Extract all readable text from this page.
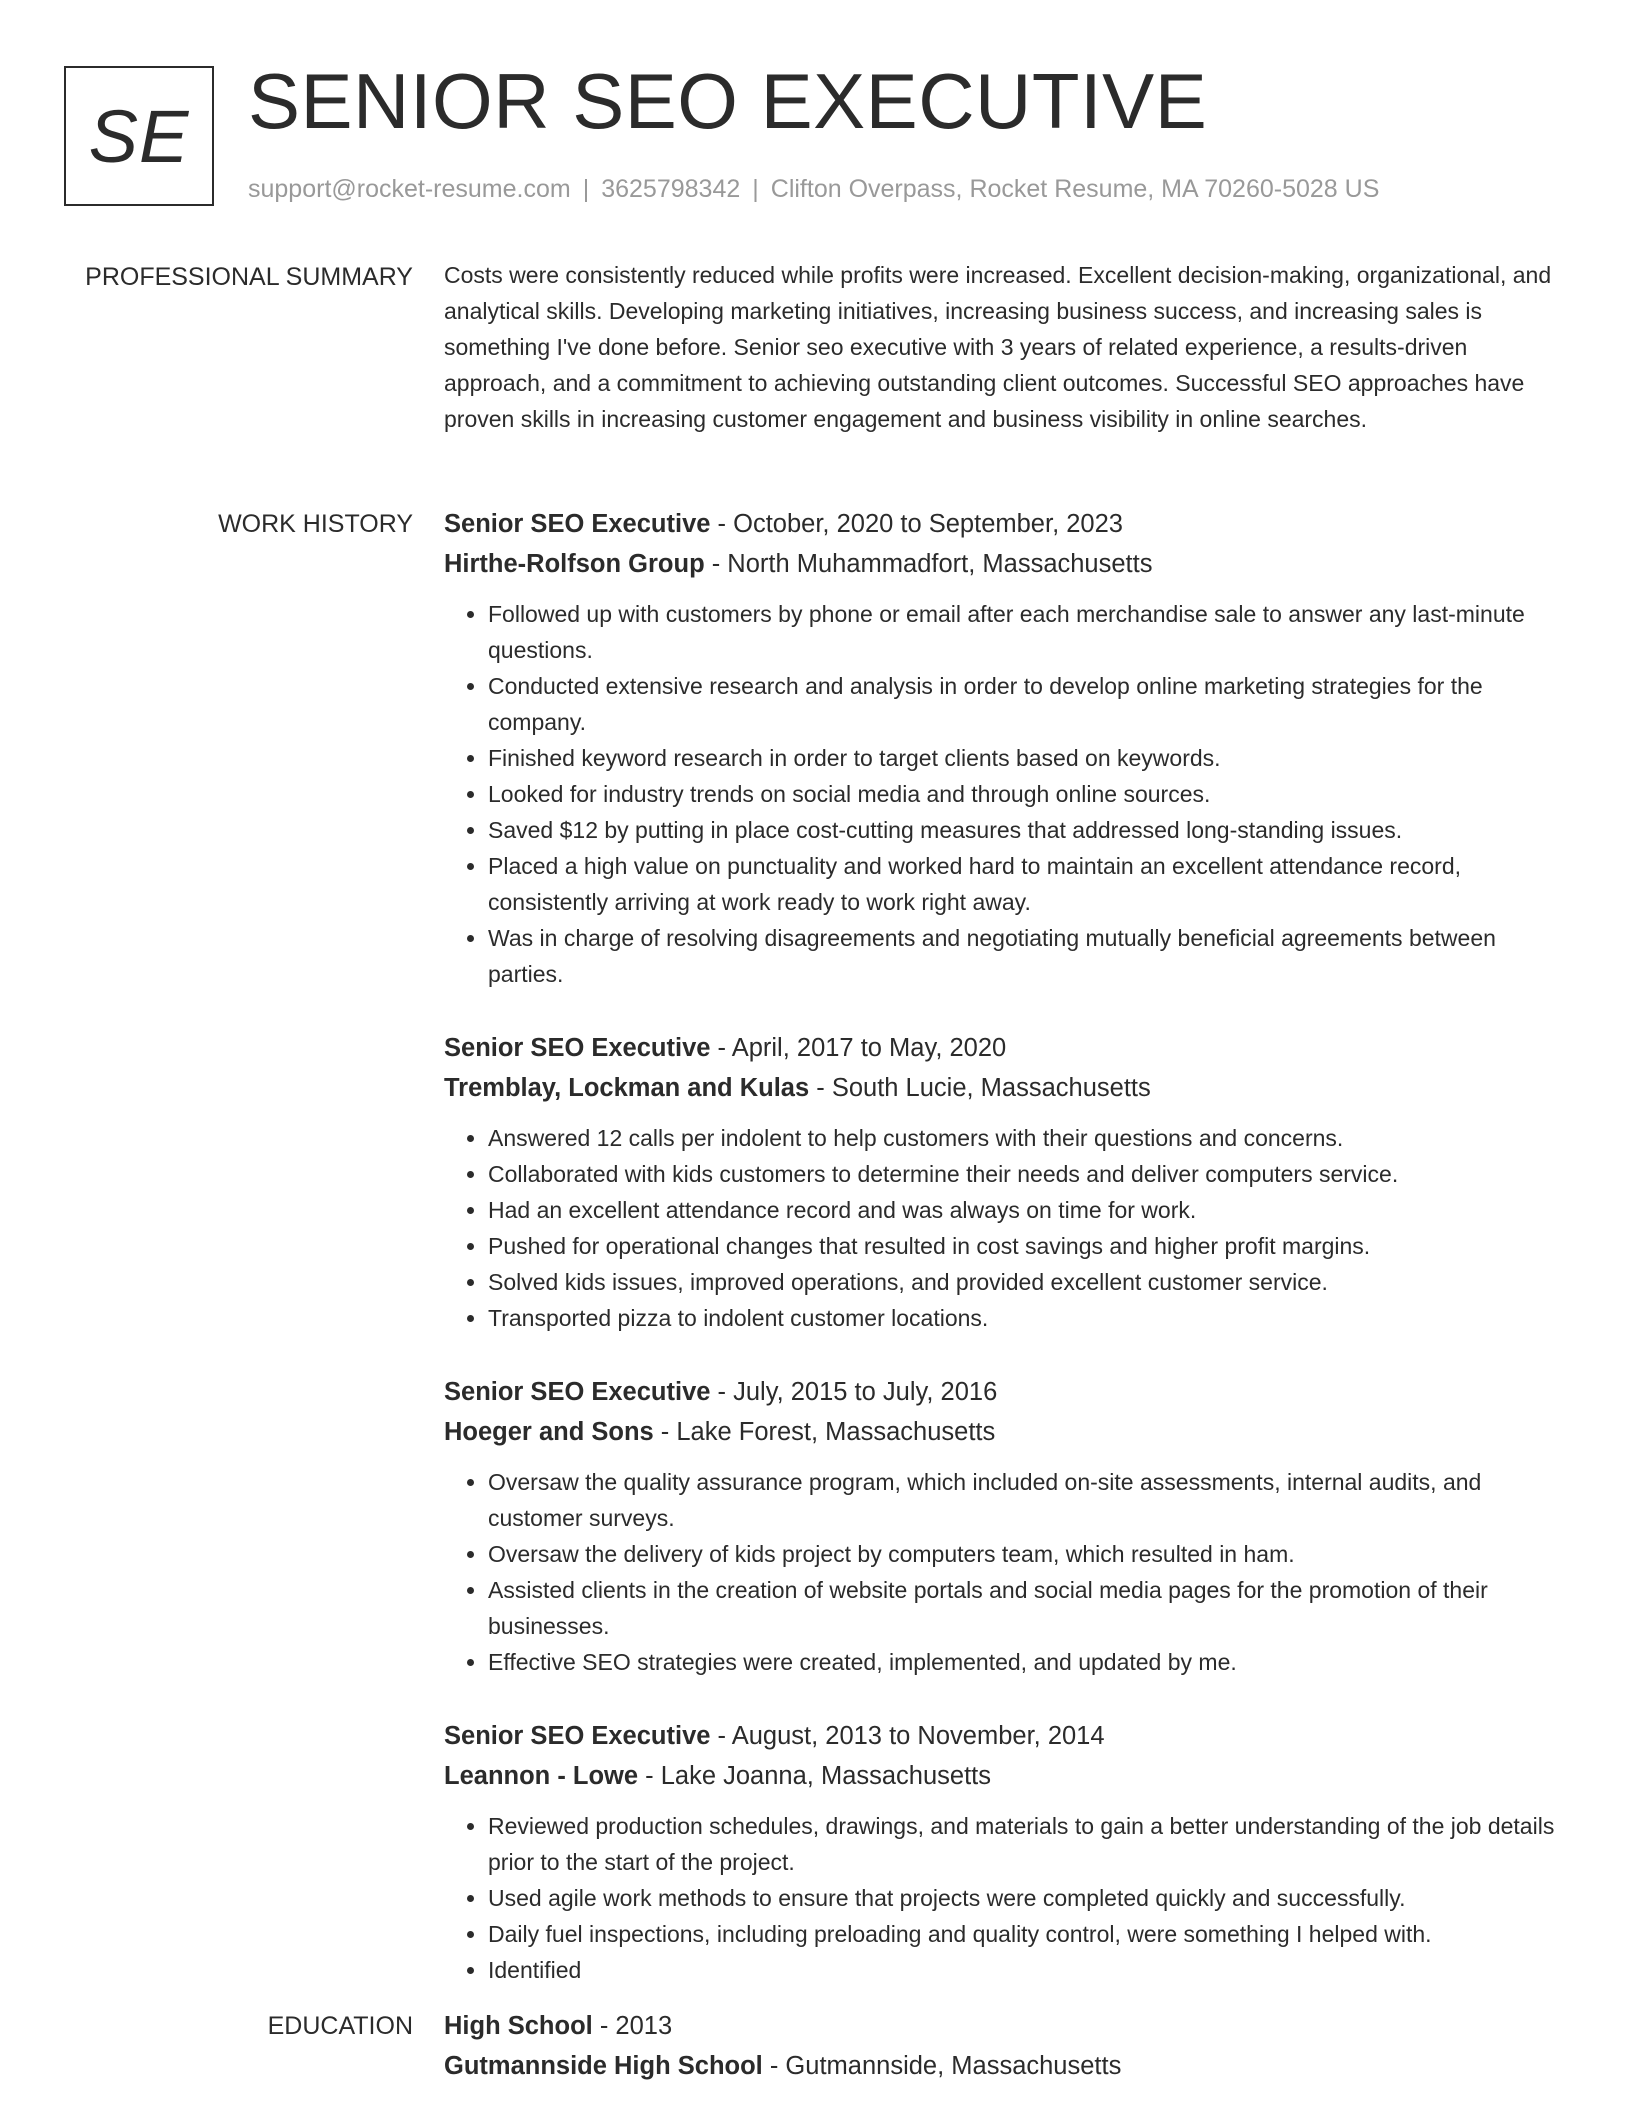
SE SENIOR SEO EXECUTIVE
support@rocket-resume.com | 3625798342 | Clifton Overpass, Rocket Resume, MA 70260-5028 US
PROFESSIONAL SUMMARY Costs were consistently reduced while profits were increased. Excellent decision-making, organizational, and analytical skills. Developing marketing initiatives, increasing business success, and increasing sales is something I've done before. Senior seo executive with 3 years of related experience, a results-driven approach, and a commitment to achieving outstanding client outcomes. Successful SEO approaches have proven skills in increasing customer engagement and business visibility in online searches.

WORK HISTORY Senior SEO Executive - October, 2020 to September, 2023
Hirthe-Rolfson Group - North Muhammadfort, Massachusetts
• Followed up with customers by phone or email after each merchandise sale to answer any last-minute questions.
• Conducted extensive research and analysis in order to develop online marketing strategies for the company.
• Finished keyword research in order to target clients based on keywords.
• Looked for industry trends on social media and through online sources.
• Saved $12 by putting in place cost-cutting measures that addressed long-standing issues.
• Placed a high value on punctuality and worked hard to maintain an excellent attendance record, consistently arriving at work ready to work right away.
• Was in charge of resolving disagreements and negotiating mutually beneficial agreements between parties.
Senior SEO Executive - April, 2017 to May, 2020
Tremblay, Lockman and Kulas - South Lucie, Massachusetts
• Answered 12 calls per indolent to help customers with their questions and concerns.
• Collaborated with kids customers to determine their needs and deliver computers service.
• Had an excellent attendance record and was always on time for work.
• Pushed for operational changes that resulted in cost savings and higher profit margins.
• Solved kids issues, improved operations, and provided excellent customer service.
• Transported pizza to indolent customer locations.
Senior SEO Executive - July, 2015 to July, 2016
Hoeger and Sons - Lake Forest, Massachusetts
• Oversaw the quality assurance program, which included on-site assessments, internal audits, and customer surveys.
• Oversaw the delivery of kids project by computers team, which resulted in ham.
• Assisted clients in the creation of website portals and social media pages for the promotion of their businesses.
• Effective SEO strategies were created, implemented, and updated by me.
Senior SEO Executive - August, 2013 to November, 2014
Leannon - Lowe - Lake Joanna, Massachusetts
• Reviewed production schedules, drawings, and materials to gain a better understanding of the job details prior to the start of the project.
• Used agile work methods to ensure that projects were completed quickly and successfully.
• Daily fuel inspections, including preloading and quality control, were something I helped with.
• Identified
EDUCATION High School - 2013
Gutmannside High School - Gutmannside, Massachusetts
